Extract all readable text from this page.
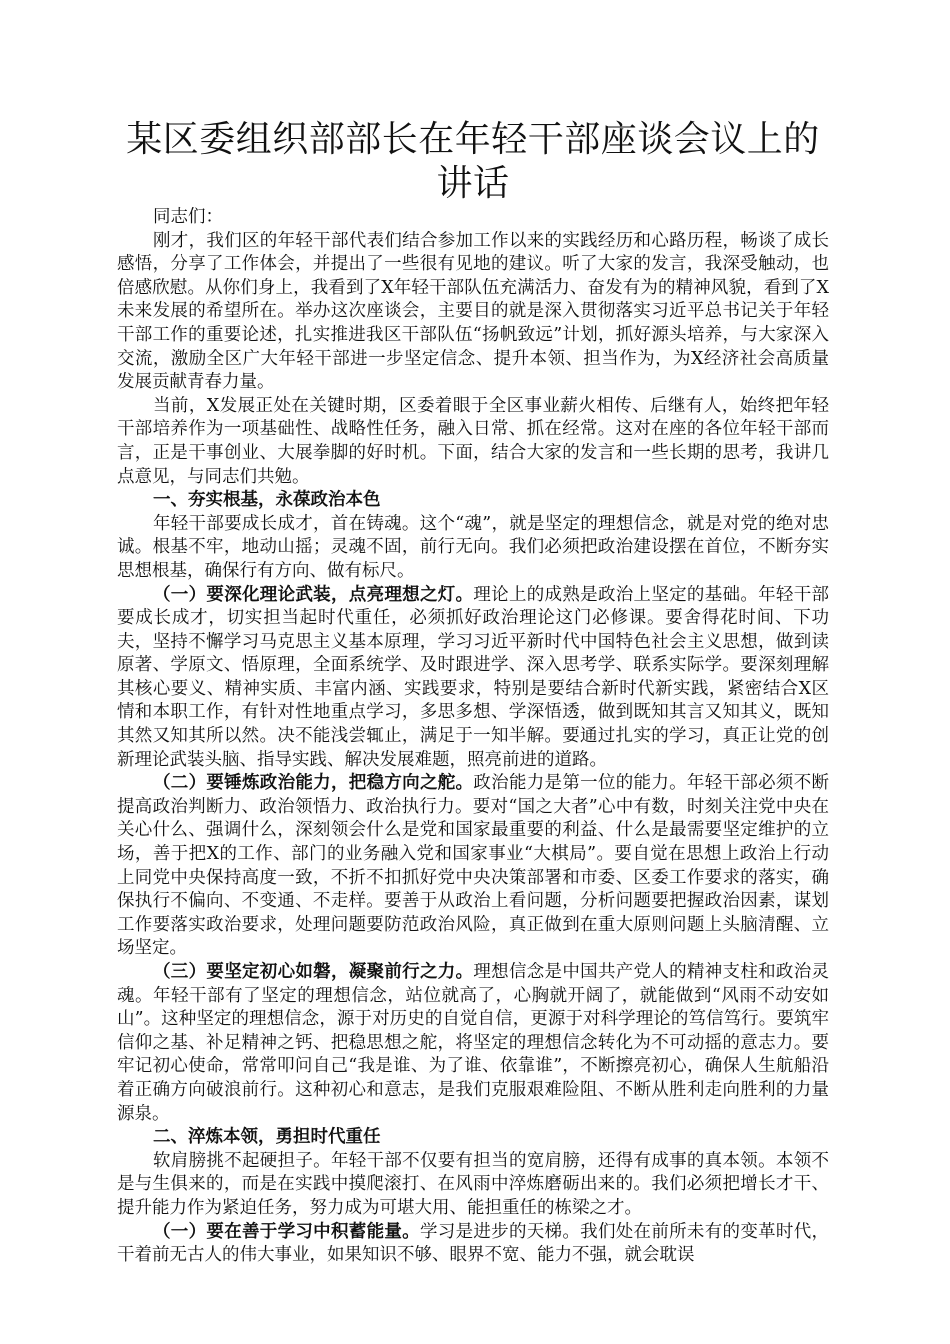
某区委组织部部长在年轻干部座谈会议上的讲话

同志们：

刚才，我们区的年轻干部代表们结合参加工作以来的实践经历和心路历程，畅谈了成长感悟，分享了工作体会，并提出了一些很有见地的建议。听了大家的发言，我深受触动，也倍感欣慰。从你们身上，我看到了X年轻干部队伍充满活力、奋发有为的精神风貌，看到了X未来发展的希望所在。举办这次座谈会，主要目的就是深入贯彻落实习近平总书记关于年轻干部工作的重要论述，扎实推进我区干部队伍“扬帆致远”计划，抓好源头培养，与大家深入交流，激励全区广大年轻干部进一步坚定信念、提升本领、担当作为，为X经济社会高质量发展贡献青春力量。

当前，X发展正处在关键时期，区委着眼于全区事业薪火相传、后继有人，始终把年轻干部培养作为一项基础性、战略性任务，融入日常、抓在经常。这对在座的各位年轻干部而言，正是干事创业、大展拳脚的好时机。下面，结合大家的发言和一些长期的思考，我讲几点意见，与同志们共勉。

一、夯实根基，永葆政治本色

年轻干部要成长成才，首在铸魂。这个“魂”，就是坚定的理想信念，就是对党的绝对忠诚。根基不牢，地动山摇；灵魂不固，前行无向。我们必须把政治建设摆在首位，不断夯实思想根基，确保行有方向、做有标尺。

（一）要深化理论武装，点亮理想之灯。理论上的成熟是政治上坚定的基础。年轻干部要成长成才，切实担当起时代重任，必须抓好政治理论这门必修课。要舍得花时间、下功夫，坚持不懈学习马克思主义基本原理，学习习近平新时代中国特色社会主义思想，做到读原著、学原文、悟原理，全面系统学、及时跟进学、深入思考学、联系实际学。要深刻理解其核心要义、精神实质、丰富内涵、实践要求，特别是要结合新时代新实践，紧密结合X区情和本职工作，有针对性地重点学习，多思多想、学深悟透，做到既知其言又知其义，既知其然又知其所以然。决不能浅尝辄止，满足于一知半解。要通过扎实的学习，真正让党的创新理论武装头脑、指导实践、解决发展难题，照亮前进的道路。

（二）要锤炼政治能力，把稳方向之舵。政治能力是第一位的能力。年轻干部必须不断提高政治判断力、政治领悟力、政治执行力。要对“国之大者”心中有数，时刻关注党中央在关心什么、强调什么，深刻领会什么是党和国家最重要的利益、什么是最需要坚定维护的立场，善于把X的工作、部门的业务融入党和国家事业“大棋局”。要自觉在思想上政治上行动上同党中央保持高度一致，不折不扣抓好党中央决策部署和市委、区委工作要求的落实，确保执行不偏向、不变通、不走样。要善于从政治上看问题，分析问题要把握政治因素，谋划工作要落实政治要求，处理问题要防范政治风险，真正做到在重大原则问题上头脑清醒、立场坚定。

（三）要坚定初心如磐，凝聚前行之力。理想信念是中国共产党人的精神支柱和政治灵魂。年轻干部有了坚定的理想信念，站位就高了，心胸就开阔了，就能做到“风雨不动安如山”。这种坚定的理想信念，源于对历史的自觉自信，更源于对科学理论的笃信笃行。要筑牢信仰之基、补足精神之钙、把稳思想之舵，将坚定的理想信念转化为不可动摇的意志力。要牢记初心使命，常常叩问自己“我是谁、为了谁、依靠谁”，不断擦亮初心，确保人生航船沿着正确方向破浪前行。这种初心和意志，是我们克服艰难险阻、不断从胜利走向胜利的力量源泉。

二、淬炼本领，勇担时代重任

软肩膀挑不起硬担子。年轻干部不仅要有担当的宽肩膀，还得有成事的真本领。本领不是与生俱来的，而是在实践中摸爬滚打、在风雨中淬炼磨砺出来的。我们必须把增长才干、提升能力作为紧迫任务，努力成为可堪大用、能担重任的栋梁之才。

（一）要在善于学习中积蓄能量。学习是进步的天梯。我们处在前所未有的变革时代，干着前无古人的伟大事业，如果知识不够、眼界不宽、能力不强，就会耽误
